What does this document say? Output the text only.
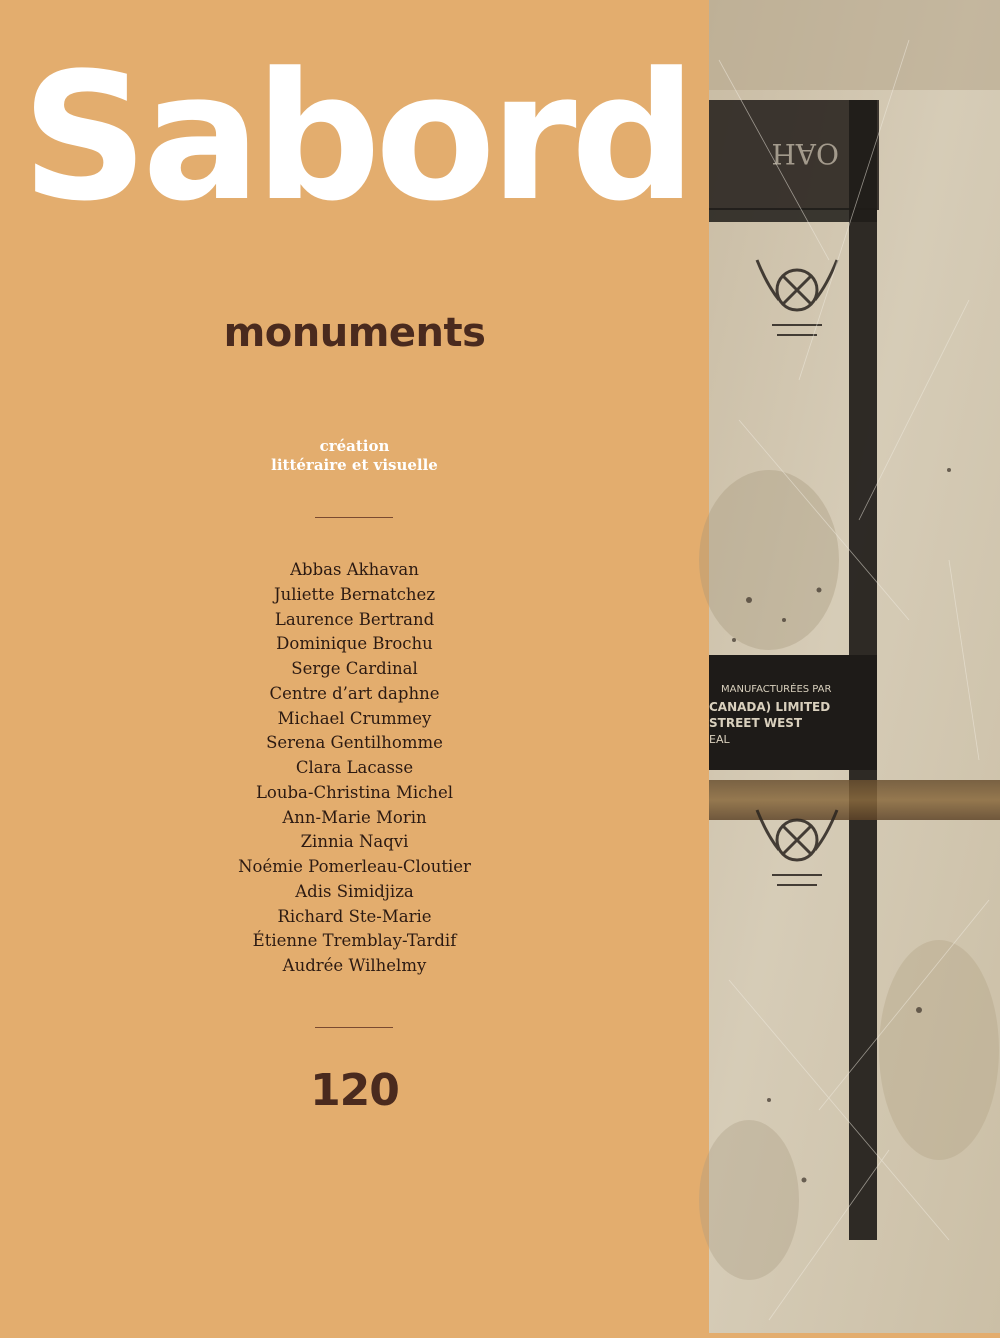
Sabord
monuments
création
littéraire et visuelle
Abbas Akhavan
Juliette Bernatchez
Laurence Bertrand
Dominique Brochu
Serge Cardinal
Centre d’art daphne
Michael Crummey
Serena Gentilhomme
Clara Lacasse
Louba-Christina Michel
Ann-Marie Morin
Zinnia Naqvi
Noémie Pomerleau-Cloutier
Adis Simidjiza
Richard Ste-Marie
Étienne Tremblay-Tardif
Audrée Wilhelmy
120
OAH
MANUFACTURÉES PAR
CANADA) LIMITED
STREET WEST
EAL
